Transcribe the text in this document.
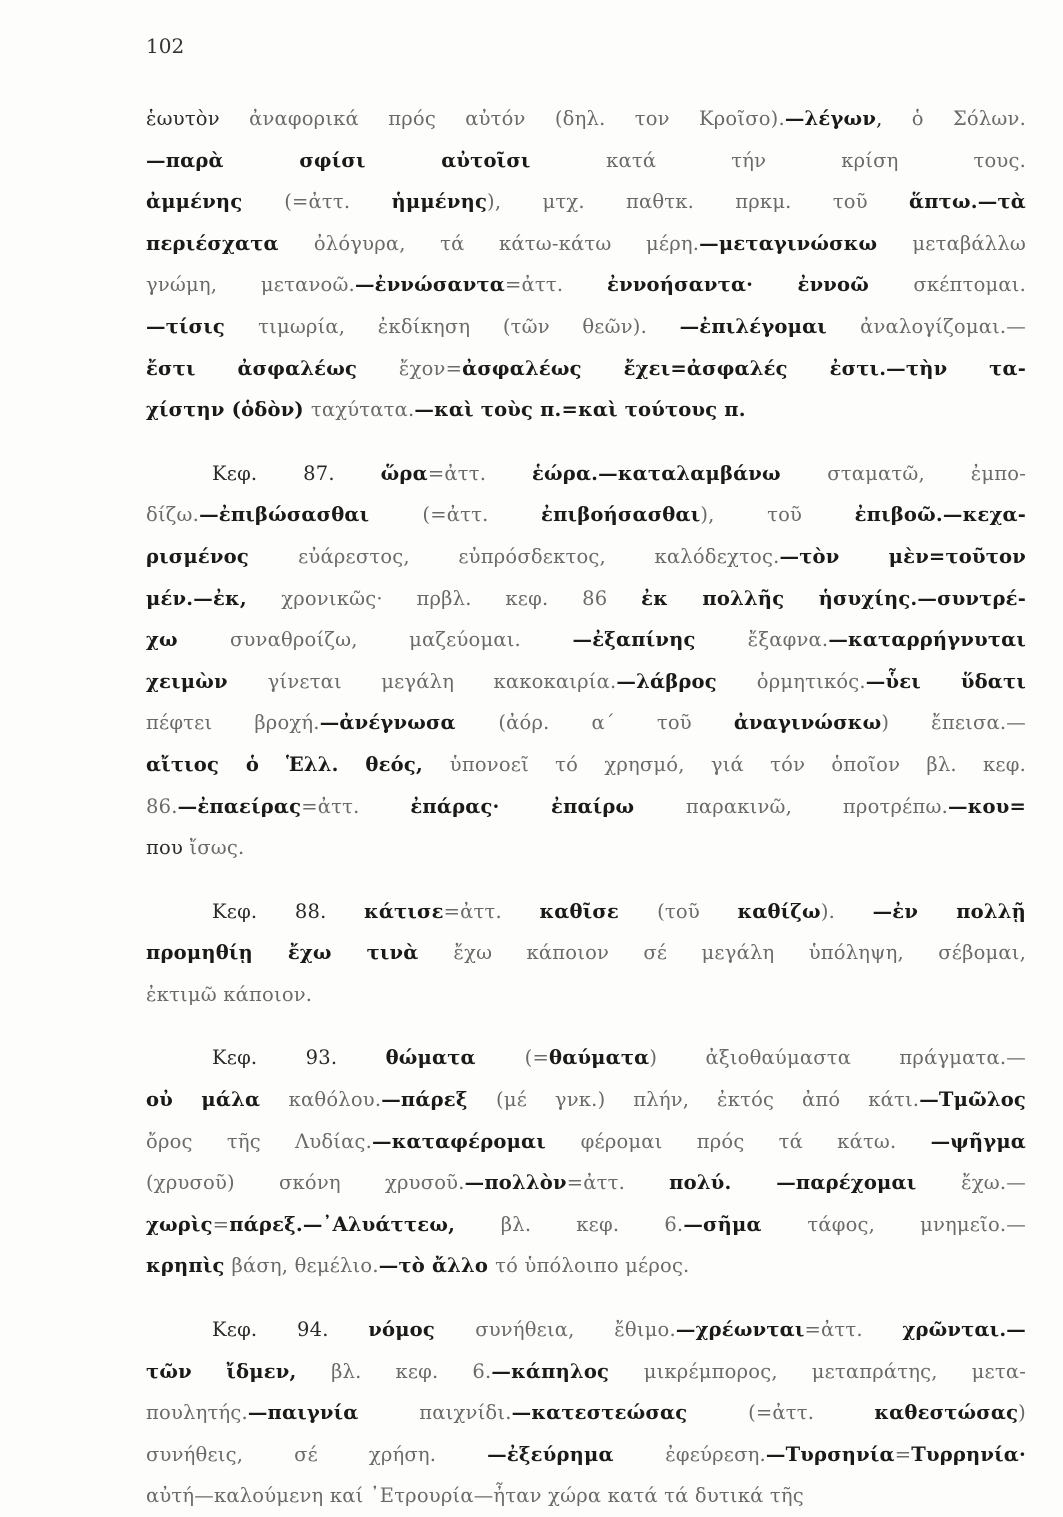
102
ἑωυτὸν ἀναφορικά πρός αὐτόν (δηλ. τον Κροῖσο).—λέγων, ὁ Σόλων.
—παρὰ σφίσι αὐτοῖσι κατά τήν κρίση τους.
ἀμμένης (=ἀττ. ἡμμένης), μτχ. παθτκ. πρκμ. τοῦ ἅπτω.—τὰ
περιέσχατα ὀλόγυρα, τά κάτω-κάτω μέρη.—μεταγινώσκω μεταβάλλω
γνώμη, μετανοῶ.—ἐννώσαντα=ἀττ. ἐννοήσαντα· ἐννοῶ σκέπτομαι.
—τίσις τιμωρία, ἐκδίκηση (τῶν θεῶν). —ἐπιλέγομαι ἀναλογίζομαι.—
ἔστι ἀσφαλέως ἔχον=ἀσφαλέως ἔχει=ἀσφαλές ἐστι.—τὴν τα-
χίστην (ὁδὸν) ταχύτατα.—καὶ τοὺς π.=καὶ τούτους π.
Κεφ. 87. ὥρα=ἀττ. ἑώρα.—καταλαμβάνω σταματῶ, ἐμπο-
δίζω.—ἐπιβώσασθαι (=ἀττ. ἐπιβοήσασθαι), τοῦ ἐπιβοῶ.—κεχα-
ρισμένος εὐάρεστος, εὐπρόσδεκτος, καλόδεχτος.—τὸν μὲν=τοῦτον
μέν.—ἐκ, χρονικῶς· πρβλ. κεφ. 86 ἐκ πολλῆς ἡσυχίης.—συντρέ-
χω συναθροίζω, μαζεύομαι. —ἐξαπίνης ἔξαφνα.—καταρρήγνυται
χειμὼν γίνεται μεγάλη κακοκαιρία.—λάβρος ὁρμητικός.—ὗει ὕδατι
πέφτει βροχή.—ἀνέγνωσα (ἀόρ. α΄ τοῦ ἀναγινώσκω) ἔπεισα.—
αἴτιος ὁ Ἑλλ. θεός, ὑπονοεῖ τό χρησμό, γιά τόν ὁποῖον βλ. κεφ.
86.—ἐπαείρας=ἀττ. ἐπάρας· ἐπαίρω παρακινῶ, προτρέπω.—κου=
που ἴσως.
Κεφ. 88. κάτισε=ἀττ. καθῖσε (τοῦ καθίζω). —ἐν πολλῇ
προμηθίῃ ἔχω τινὰ ἔχω κάποιον σέ μεγάλη ὑπόληψη, σέβομαι,
ἐκτιμῶ κάποιον.
Κεφ. 93. θώματα (=θαύματα) ἀξιοθαύμαστα πράγματα.—
οὐ μάλα καθόλου.—πάρεξ (μέ γνκ.) πλήν, ἐκτός ἀπό κάτι.—Τμῶλος
ὄρος τῆς Λυδίας.—καταφέρομαι φέρομαι πρός τά κάτω. —ψῆγμα
(χρυσοῦ) σκόνη χρυσοῦ.—πολλὸν=ἀττ. πολύ. —παρέχομαι ἔχω.—
χωρὶς=πάρεξ.—᾿Αλυάττεω, βλ. κεφ. 6.—σῆμα τάφος, μνημεῖο.—
κρηπὶς βάση, θεμέλιο.—τὸ ἄλλο τό ὑπόλοιπο μέρος.
Κεφ. 94. νόμος συνήθεια, ἔθιμο.—χρέωνται=ἀττ. χρῶνται.—
τῶν ἴδμεν, βλ. κεφ. 6.—κάπηλος μικρέμπορος, μεταπράτης, μετα-
πουλητής.—παιγνία παιχνίδι.—κατεστεώσας (=ἀττ. καθεστώσας)
συνήθεις, σέ χρήση. —ἐξεύρημα ἐφεύρεση.—Τυρσηνία=Τυρρηνία·
αὐτή—καλούμενη καί ᾿Ετρουρία—ἦταν χώρα κατά τά δυτικά τῆς
